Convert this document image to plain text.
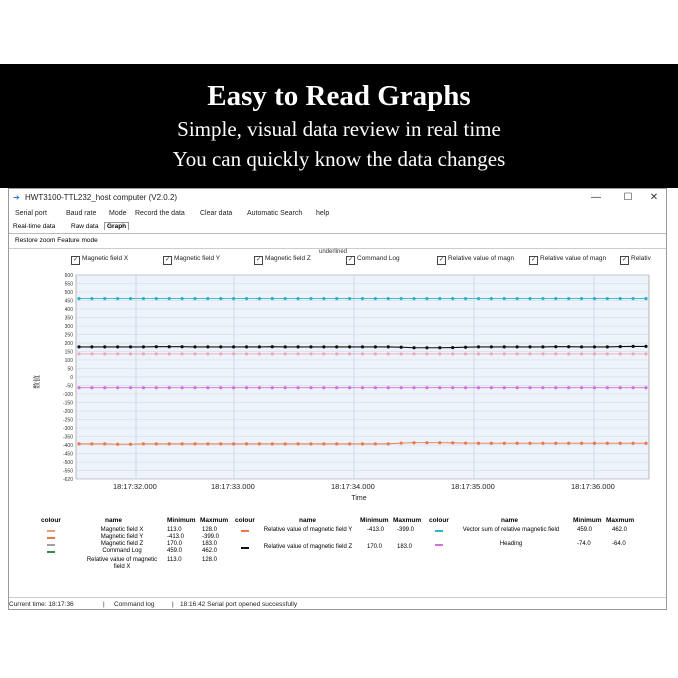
Easy to Read Graphs
Simple, visual data review in real time
You can quickly know the data changes
➔ HWT3100-TTL232_host computer (V2.0.2)	—	☐	✕
Serial port	Baud rate Mode Record the data Clear data Automatic Search help
Real-time data	Raw data	Graph
Restore zoom Feature mode
underlined
✓ Magnetic field X	✓ Magnetic field Y	✓ Magnetic field Z	✓ Command Log	✓ Relative value of magn	✓ Relative value of magn	✓ Relativ
600
550
500
450
400
350
300
250
200
150
100
50
0
-50
-100
-150
-200
-250
-300
-350
-400
-450
-500
-550
-620
18:17:32.000	18:17:33.000	18:17:34.000	18:17:35.000	18:17:36.000
数值
Time
colour	name	Minimum Maxmum colour	name	Minimum Maxmum colour	name	Minimum Maxmum
Magnetic field X	113.0	128.0
Magnetic field Y	-413.0	-399.0
Magnetic field Z	170.0	183.0
Command Log	459.0	462.0
Relative value of magnetic field X
113.0	128.0
Relative value of magnetic field Y	-413.0 -399.0
Relative value of magnetic field Z	170.0 183.0
Vector sum of relative magnetic field	459.0	462.0
Heading	-74.0	-64.0
Current time: 18:17:36	| Command log	| 18:16:42 Serial port opened successfully
